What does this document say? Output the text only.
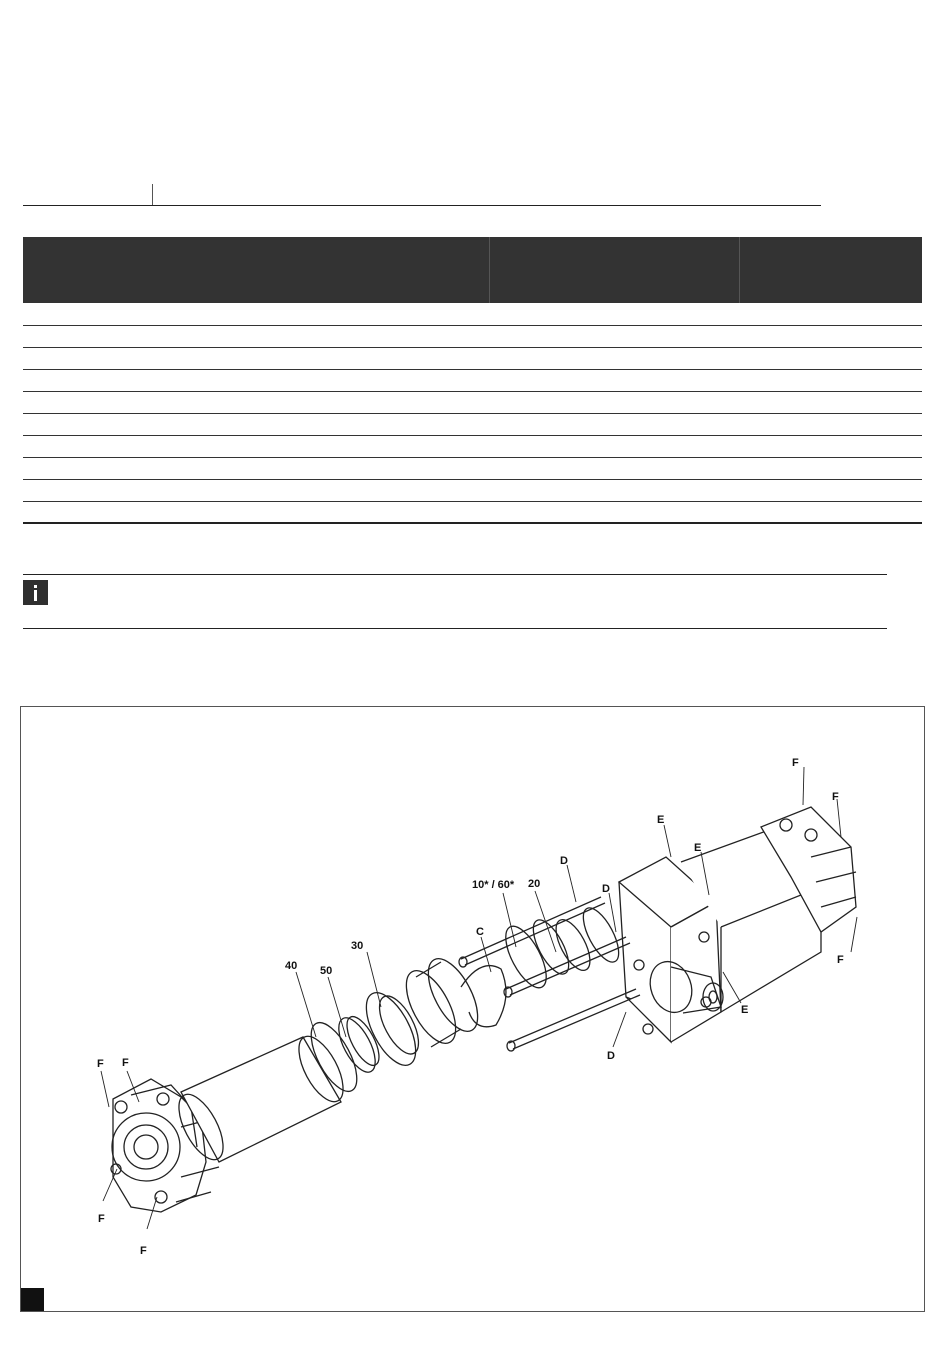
F
F
F
E
E
E
D
D
D
C
10* / 60* 20
30
40 50
F F
F
F
